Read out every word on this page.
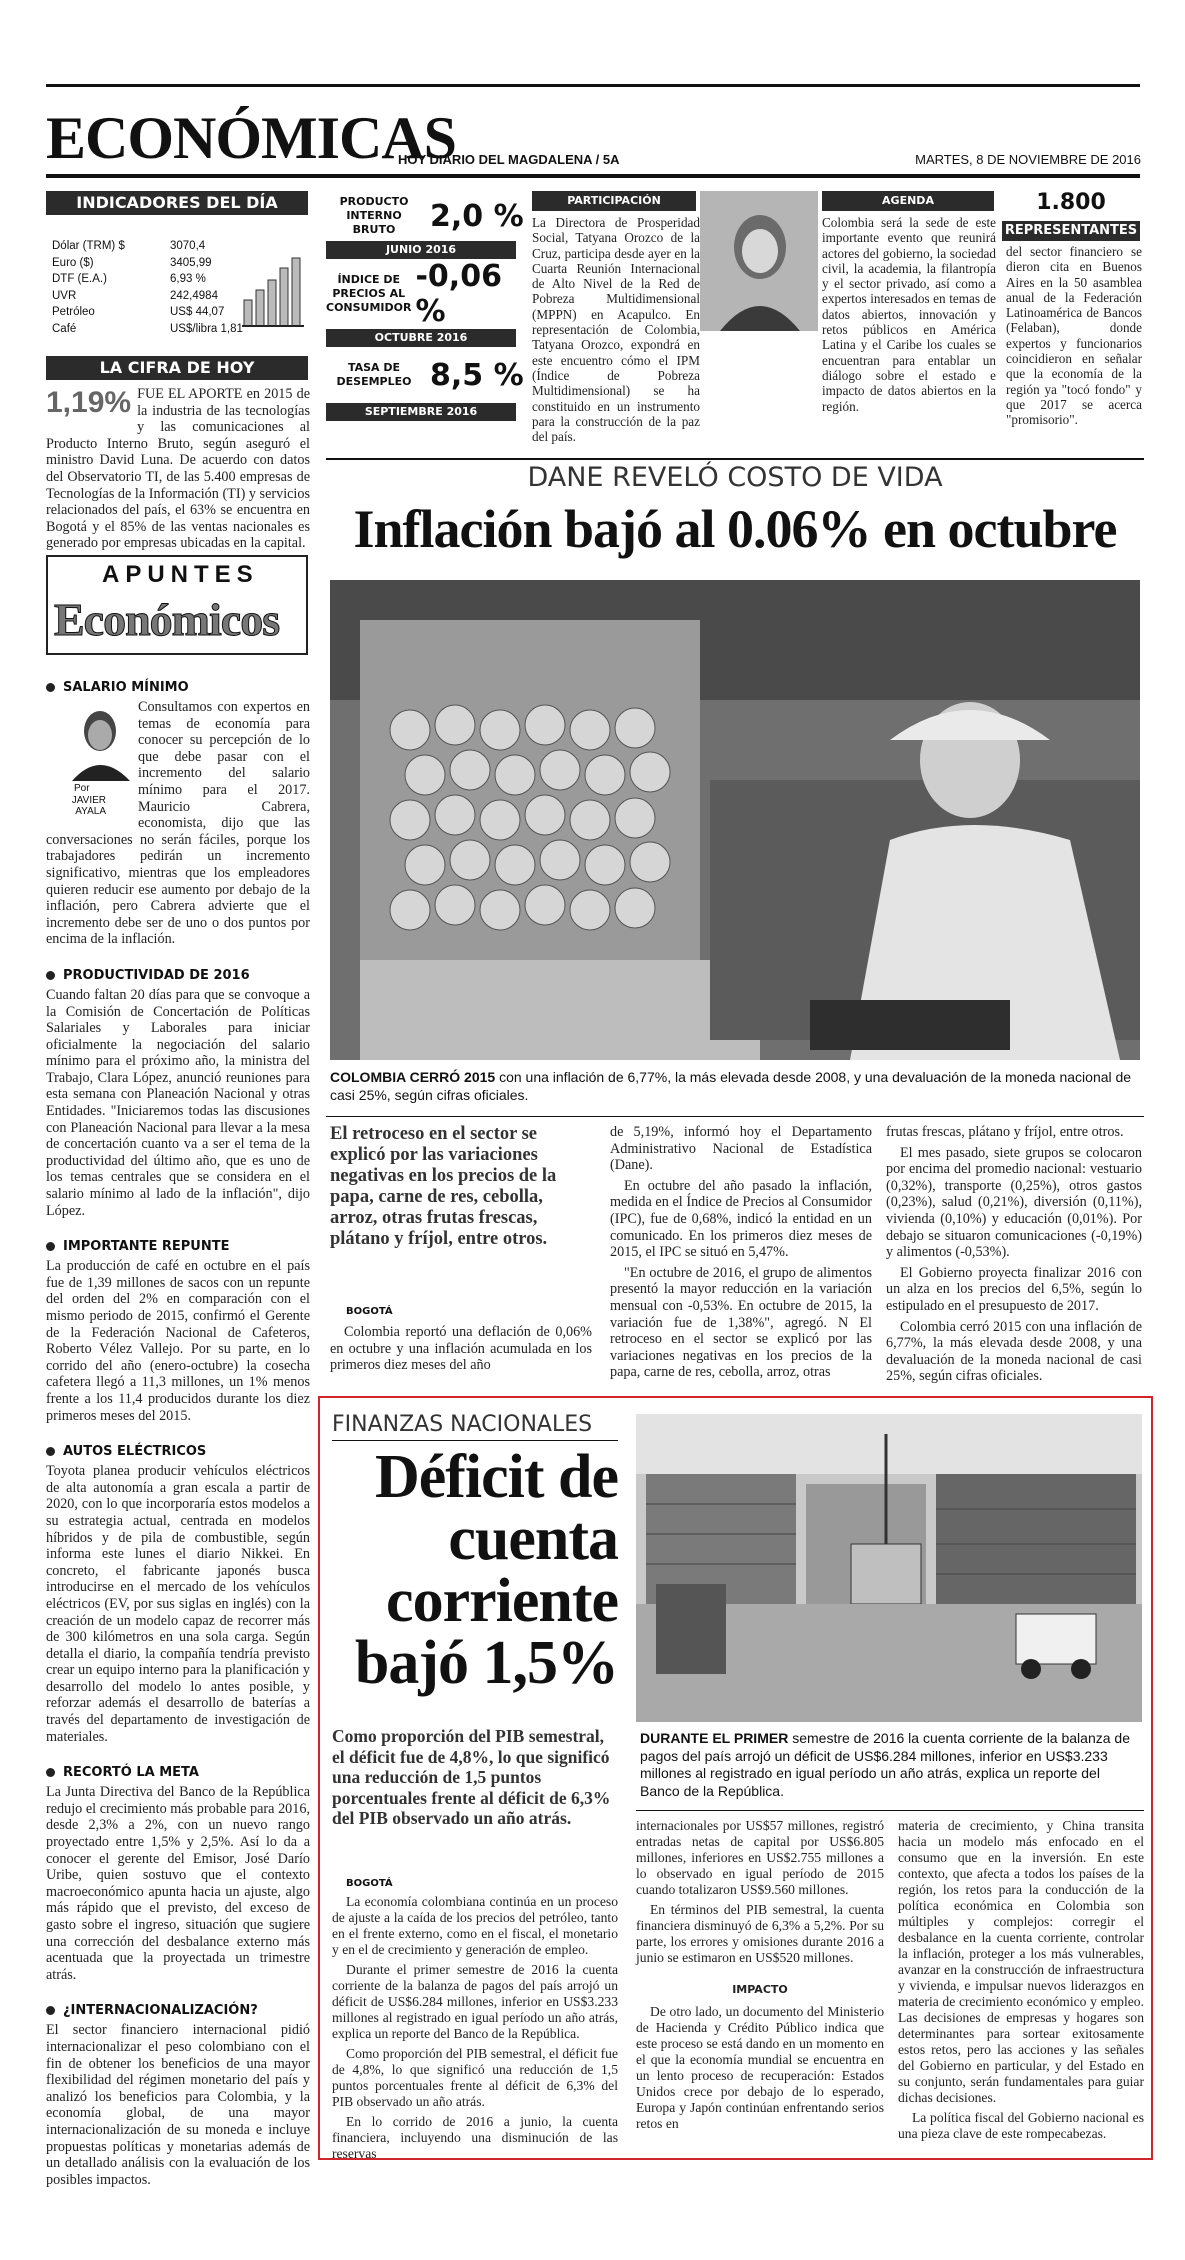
ECONÓMICAS
HOY DIARIO DEL MAGDALENA / 5A	MARTES, 8 DE NOVIEMBRE DE 2016
INDICADORES DEL DÍA
Dólar (TRM) $	3070,4
Euro ($)	3405,99
DTF (E.A.)	6,93 %
UVR	242,4984
Petróleo	US$ 44,07
Café	US$/libra 1,81
LA CIFRA DE HOY
1,19% FUE EL APORTE en 2015 de la industria de las tecnologías y las comunicaciones al Producto Interno Bruto, según aseguró el ministro David Luna. De acuerdo con datos del Observatorio TI, de las 5.400 empresas de Tecnologías de la Información (TI) y servicios relacionados del país, el 63% se encuentra en Bogotá y el 85% de las ventas nacionales es generado por empresas ubicadas en la capital.
PRODUCTO INTERNO BRUTO	2,0 %
JUNIO 2016
ÍNDICE DE PRECIOS AL CONSUMIDOR
-0,06 %
OCTUBRE 2016
TASA DE DESEMPLEO 8,5 %
SEPTIEMBRE 2016
PARTICIPACIÓN
La Directora de Prosperidad Social, Tatyana Orozco de la Cruz, participa desde ayer en la Cuarta Reunión Internacional de Alto Nivel de la Red de Pobreza Multidimensional (MPPN) en Acapulco. En representación de Colombia, Tatyana Orozco, expondrá en este encuentro cómo el IPM (Índice de Pobreza Multidimensional) se ha constituido en un instrumento para la construcción de la paz del país.
AGENDA
Colombia será la sede de este importante evento que reunirá actores del gobierno, la sociedad civil, la academia, la filantropía y el sector privado, así como a expertos interesados en temas de datos abiertos, innovación y retos públicos en América Latina y el Caribe los cuales se encuentran para entablar un diálogo sobre el estado e impacto de datos abiertos en la región.
1.800
REPRESENTANTES
del sector financiero se dieron cita en Buenos Aires en la 50 asamblea anual de la Federación Latinoamérica de Bancos (Felaban), donde expertos y funcionarios coincidieron en señalar que la economía de la región ya "tocó fondo" y que 2017 se acerca "promisorio".
APUNTES
Económicos
SALARIO MÍNIMO
Por
JAVIER AYALA
Consultamos con expertos en temas de economía para conocer su percepción de lo que debe pasar con el incremento del salario mínimo para el 2017. Mauricio Cabrera, economista, dijo que las conversaciones no serán fáciles, porque los trabajadores pedirán un incremento significativo, mientras que los empleadores quieren reducir ese aumento por debajo de la inflación, pero Cabrera advierte que el incremento debe ser de uno o dos puntos por encima de la inflación.
PRODUCTIVIDAD DE 2016
Cuando faltan 20 días para que se convoque a la Comisión de Concertación de Políticas Salariales y Laborales para iniciar oficialmente la negociación del salario mínimo para el próximo año, la ministra del Trabajo, Clara López, anunció reuniones para esta semana con Planeación Nacional y otras Entidades. "Iniciaremos todas las discusiones con Planeación Nacional para llevar a la mesa de concertación cuanto va a ser el tema de la productividad del último año, que es uno de los temas centrales que se considera en el salario mínimo al lado de la inflación", dijo López.
IMPORTANTE REPUNTE
La producción de café en octubre en el país fue de 1,39 millones de sacos con un repunte del orden del 2% en comparación con el mismo periodo de 2015, confirmó el Gerente de la Federación Nacional de Cafeteros, Roberto Vélez Vallejo. Por su parte, en lo corrido del año (enero-octubre) la cosecha cafetera llegó a 11,3 millones, un 1% menos frente a los 11,4 producidos durante los diez primeros meses del 2015.
AUTOS ELÉCTRICOS
Toyota planea producir vehículos eléctricos de alta autonomía a gran escala a partir de 2020, con lo que incorporaría estos modelos a su estrategia actual, centrada en modelos híbridos y de pila de combustible, según informa este lunes el diario Nikkei. En concreto, el fabricante japonés busca introducirse en el mercado de los vehículos eléctricos (EV, por sus siglas en inglés) con la creación de un modelo capaz de recorrer más de 300 kilómetros en una sola carga. Según detalla el diario, la compañía tendría previsto crear un equipo interno para la planificación y desarrollo del modelo lo antes posible, y reforzar además el desarrollo de baterías a través del departamento de investigación de materiales.
RECORTÓ LA META
La Junta Directiva del Banco de la República redujo el crecimiento más probable para 2016, desde 2,3% a 2%, con un nuevo rango proyectado entre 1,5% y 2,5%. Así lo da a conocer el gerente del Emisor, José Darío Uribe, quien sostuvo que el contexto macroeconómico apunta hacia un ajuste, algo más rápido que el previsto, del exceso de gasto sobre el ingreso, situación que sugiere una corrección del desbalance externo más acentuada que la proyectada un trimestre atrás.
¿INTERNACIONALIZACIÓN?
El sector financiero internacional pidió internacionalizar el peso colombiano con el fin de obtener los beneficios de una mayor flexibilidad del régimen monetario del país y analizó los beneficios para Colombia, y la economía global, de una mayor internacionalización de su moneda e incluye propuestas políticas y monetarias además de un detallado análisis con la evaluación de los posibles impactos.
DANE REVELÓ COSTO DE VIDA
Inflación bajó al 0.06% en octubre
COLOMBIA CERRÓ 2015 con una inflación de 6,77%, la más elevada desde 2008, y una devaluación de la moneda nacional de casi 25%, según cifras oficiales.
El retroceso en el sector se explicó por las variaciones negativas en los precios de la papa, carne de res, cebolla, arroz, otras frutas frescas, plátano y fríjol, entre otros.
BOGOTÁ
Colombia reportó una deflación de 0,06% en octubre y una inflación acumulada en los primeros diez meses del año

de 5,19%, informó hoy el Departamento Administrativo Nacional de Estadística (Dane).

En octubre del año pasado la inflación, medida en el Índice de Precios al Consumidor (IPC), fue de 0,68%, indicó la entidad en un comunicado. En los primeros diez meses de 2015, el IPC se situó en 5,47%.

"En octubre de 2016, el grupo de alimentos presentó la mayor reducción en la variación mensual con -0,53%. En octubre de 2015, la variación fue de 1,38%", agregó. N El retroceso en el sector se explicó por las variaciones negativas en los precios de la papa, carne de res, cebolla, arroz, otras

frutas frescas, plátano y fríjol, entre otros.

El mes pasado, siete grupos se colocaron por encima del promedio nacional: vestuario (0,32%), transporte (0,25%), otros gastos (0,23%), salud (0,21%), diversión (0,11%), vivienda (0,10%) y educación (0,01%). Por debajo se situaron comunicaciones (-0,19%) y alimentos (-0,53%).

El Gobierno proyecta finalizar 2016 con un alza en los precios del 6,5%, según lo estipulado en el presupuesto de 2017.

Colombia cerró 2015 con una inflación de 6,77%, la más elevada desde 2008, y una devaluación de la moneda nacional de casi 25%, según cifras oficiales.

FINANZAS NACIONALES
Déficit de
cuenta
corriente
bajó 1,5%
Como proporción del PIB semestral, el déficit fue de 4,8%, lo que significó una reducción de 1,5 puntos porcentuales frente al déficit de 6,3% del PIB observado un año atrás.
DURANTE EL PRIMER semestre de 2016 la cuenta corriente de la balanza de pagos del país arrojó un déficit de US$6.284 millones, inferior en US$3.233 millones al registrado en igual período un año atrás, explica un reporte del Banco de la República.
BOGOTÁ

La economía colombiana continúa en un proceso de ajuste a la caída de los precios del petróleo, tanto en el frente externo, como en el fiscal, el monetario y en el de crecimiento y generación de empleo.

Durante el primer semestre de 2016 la cuenta corriente de la balanza de pagos del país arrojó un déficit de US$6.284 millones, inferior en US$3.233 millones al registrado en igual período un año atrás, explica un reporte del Banco de la República.

Como proporción del PIB semestral, el déficit fue de 4,8%, lo que significó una reducción de 1,5 puntos porcentuales frente al déficit de 6,3% del PIB observado un año atrás.

En lo corrido de 2016 a junio, la cuenta financiera, incluyendo una disminución de las reservas

internacionales por US$57 millones, registró entradas netas de capital por US$6.805 millones, inferiores en US$2.755 millones a lo observado en igual período de 2015 cuando totalizaron US$9.560 millones.

En términos del PIB semestral, la cuenta financiera disminuyó de 6,3% a 5,2%. Por su parte, los errores y omisiones durante 2016 a junio se estimaron en US$520 millones.

IMPACTO

De otro lado, un documento del Ministerio de Hacienda y Crédito Público indica que este proceso se está dando en un momento en el que la economía mundial se encuentra en un lento proceso de recuperación: Estados Unidos crece por debajo de lo esperado, Europa y Japón continúan enfrentando serios retos en

materia de crecimiento, y China transita hacia un modelo más enfocado en el consumo que en la inversión. En este contexto, que afecta a todos los países de la región, los retos para la conducción de la política económica en Colombia son múltiples y complejos: corregir el desbalance en la cuenta corriente, controlar la inflación, proteger a los más vulnerables, avanzar en la construcción de infraestructura y vivienda, e impulsar nuevos liderazgos en materia de crecimiento económico y empleo. Las decisiones de empresas y hogares son determinantes para sortear exitosamente estos retos, pero las acciones y las señales del Gobierno en particular, y del Estado en su conjunto, serán fundamentales para guiar dichas decisiones.

La política fiscal del Gobierno nacional es una pieza clave de este rompecabezas.
